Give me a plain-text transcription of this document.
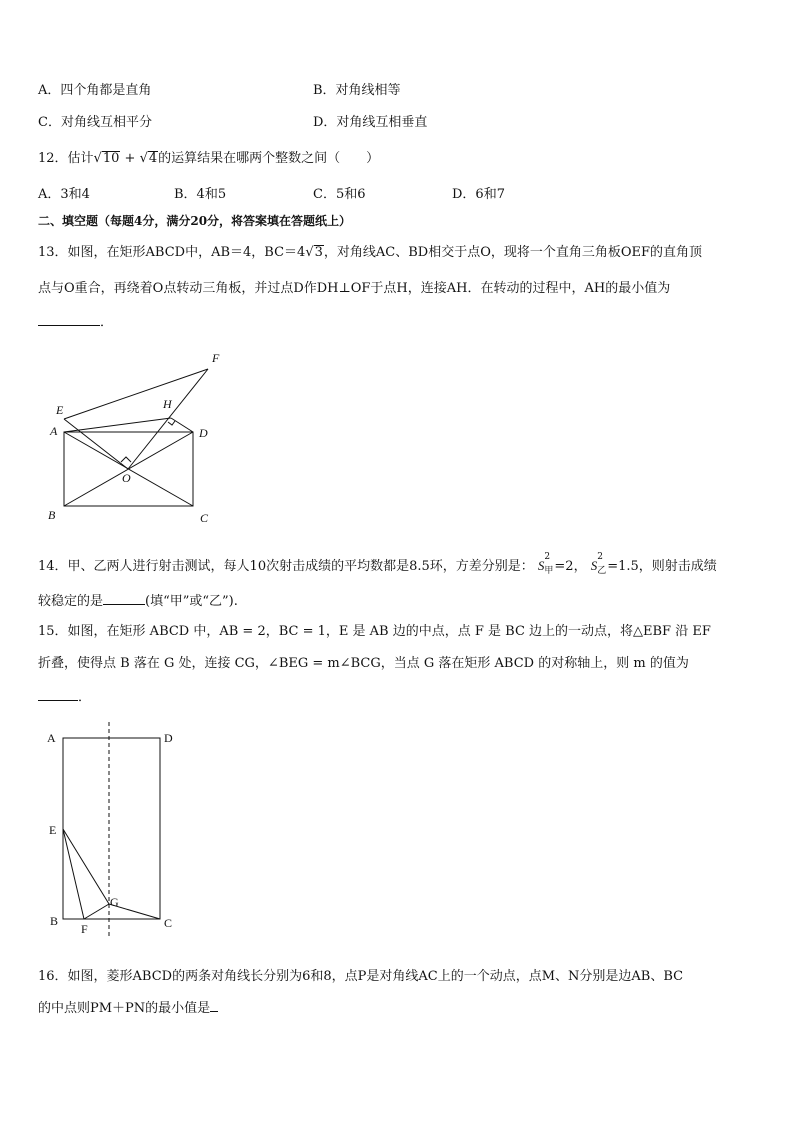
A．四个角都是直角	B．对角线相等
C．对角线互相平分	D．对角线互相垂直
12．估计√10 + √4的运算结果在哪两个整数之间（　　）
A．3和4	B．4和5	C．5和6	D．6和7
二、填空题（每题4分，满分20分，将答案填在答题纸上）
13．如图，在矩形ABCD中，AB＝4，BC＝4√3，对角线AC、BD相交于点O，现将一个直角三角板OEF的直角顶
点与O重合，再绕着O点转动三角板，并过点D作DH⊥OF于点H，连接AH．在转动的过程中，AH的最小值为
．
E
F
H
A	D
O
B	C
14．甲、乙两人进行射击测试，每人10次射击成绩的平均数都是8.5环，方差分别是： S
2
甲 =2， S
2
乙 =1.5，则射击成绩
较稳定的是	(填“甲”或“乙”).
15．如图，在矩形 ABCD 中，AB = 2，BC = 1，E 是 AB 边的中点，点 F 是 BC 边上的一动点，将△EBF 沿 EF
折叠，使得点 B 落在 G 处，连接 CG，∠BEG = m∠BCG，当点 G 落在矩形 ABCD 的对称轴上，则 m 的值为
．
A	D
E
G
B
F	C
16．如图，菱形ABCD的两条对角线长分别为6和8，点P是对角线AC上的一个动点，点M、N分别是边AB、BC
的中点则PM＋PN的最小值是
